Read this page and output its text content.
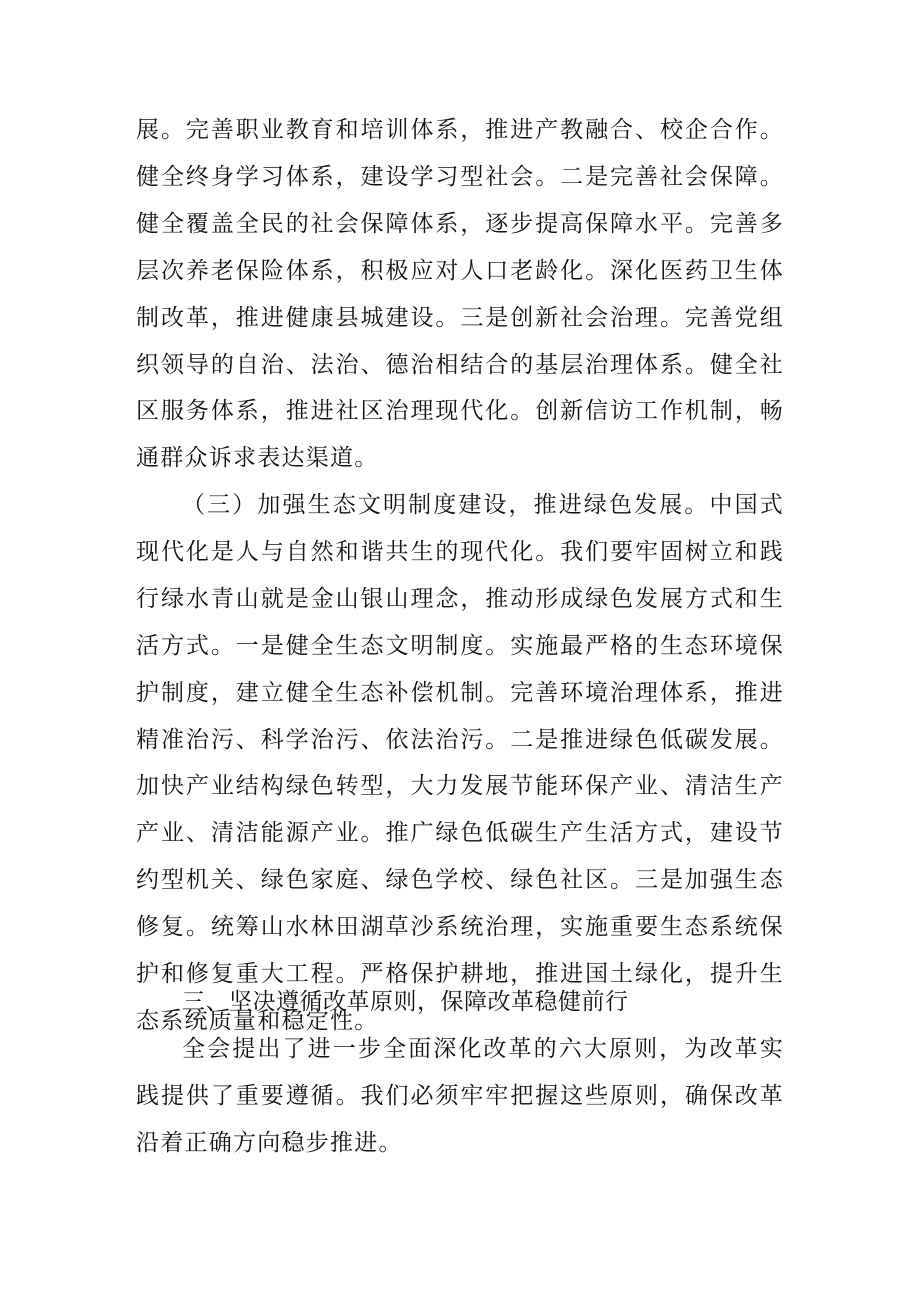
展。完善职业教育和培训体系，推进产教融合、校企合作。健全终身学习体系，建设学习型社会。二是完善社会保障。健全覆盖全民的社会保障体系，逐步提高保障水平。完善多层次养老保险体系，积极应对人口老龄化。深化医药卫生体制改革，推进健康县城建设。三是创新社会治理。完善党组织领导的自治、法治、德治相结合的基层治理体系。健全社区服务体系，推进社区治理现代化。创新信访工作机制，畅通群众诉求表达渠道。

（三）加强生态文明制度建设，推进绿色发展。中国式现代化是人与自然和谐共生的现代化。我们要牢固树立和践行绿水青山就是金山银山理念，推动形成绿色发展方式和生活方式。一是健全生态文明制度。实施最严格的生态环境保护制度，建立健全生态补偿机制。完善环境治理体系，推进精准治污、科学治污、依法治污。二是推进绿色低碳发展。加快产业结构绿色转型，大力发展节能环保产业、清洁生产产业、清洁能源产业。推广绿色低碳生产生活方式，建设节约型机关、绿色家庭、绿色学校、绿色社区。三是加强生态修复。统筹山水林田湖草沙系统治理，实施重要生态系统保护和修复重大工程。严格保护耕地，推进国土绿化，提升生态系统质量和稳定性。

三、坚决遵循改革原则，保障改革稳健前行

全会提出了进一步全面深化改革的六大原则，为改革实践提供了重要遵循。我们必须牢牢把握这些原则，确保改革沿着正确方向稳步推进。
